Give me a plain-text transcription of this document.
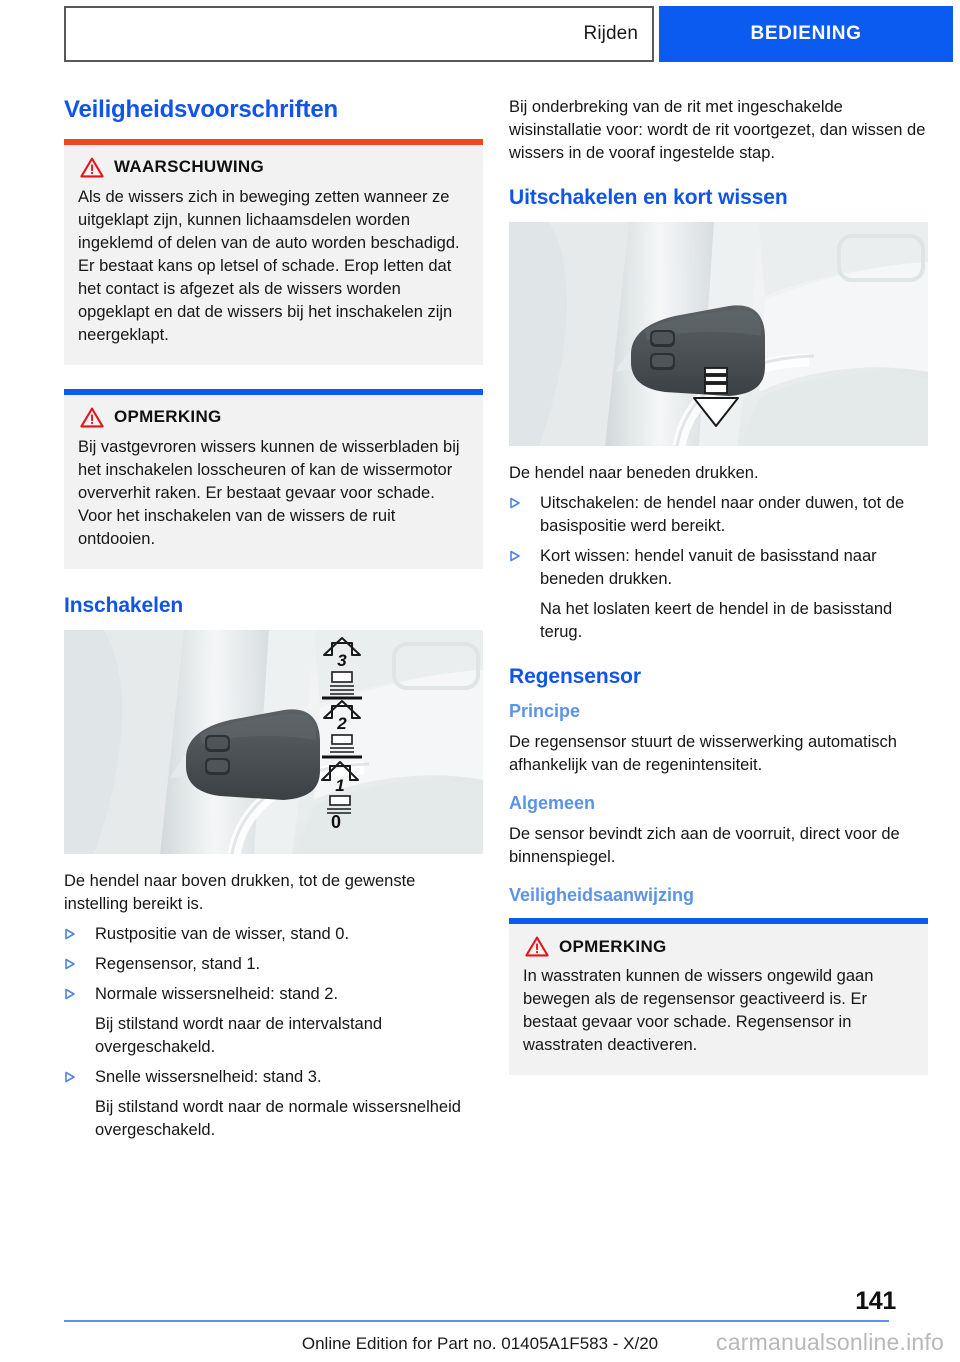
Rijden	BEDIENING
Veiligheidsvoorschriften
WAARSCHUWING
Als de wissers zich in beweging zetten wanneer ze uitgeklapt zijn, kunnen lichaamsdelen worden ingeklemd of delen van de auto worden beschadigd. Er bestaat kans op letsel of schade. Erop letten dat het contact is afgezet als de wissers worden opgeklapt en dat de wissers bij het inschakelen zijn neergeklapt.
OPMERKING
Bij vastgevroren wissers kunnen de wisserbladen bij het inschakelen losscheuren of kan de wissermotor oververhit raken. Er bestaat gevaar voor schade. Voor het inschakelen van de wissers de ruit ontdooien.
Inschakelen
3
2
1
0
De hendel naar boven drukken, tot de gewenste instelling bereikt is.
Rustpositie van de wisser, stand 0.
Regensensor, stand 1.
Normale wissersnelheid: stand 2.
Bij stilstand wordt naar de intervalstand overgeschakeld.
Snelle wissersnelheid: stand 3.
Bij stilstand wordt naar de normale wissersnelheid overgeschakeld.
Bij onderbreking van de rit met ingeschakelde wisinstallatie voor: wordt de rit voortgezet, dan wissen de wissers in de vooraf ingestelde stap.
Uitschakelen en kort wissen
De hendel naar beneden drukken.
Uitschakelen: de hendel naar onder duwen, tot de basispositie werd bereikt.
Kort wissen: hendel vanuit de basisstand naar beneden drukken.
Na het loslaten keert de hendel in de basisstand terug.
Regensensor
Principe
De regensensor stuurt de wisserwerking automatisch afhankelijk van de regenintensiteit.
Algemeen
De sensor bevindt zich aan de voorruit, direct voor de binnenspiegel.
Veiligheidsaanwijzing
OPMERKING
In wasstraten kunnen de wissers ongewild gaan bewegen als de regensensor geactiveerd is. Er bestaat gevaar voor schade. Regensensor in wasstraten deactiveren.
141
Online Edition for Part no. 01405A1F583 - X/20	carmanualsonline.info
